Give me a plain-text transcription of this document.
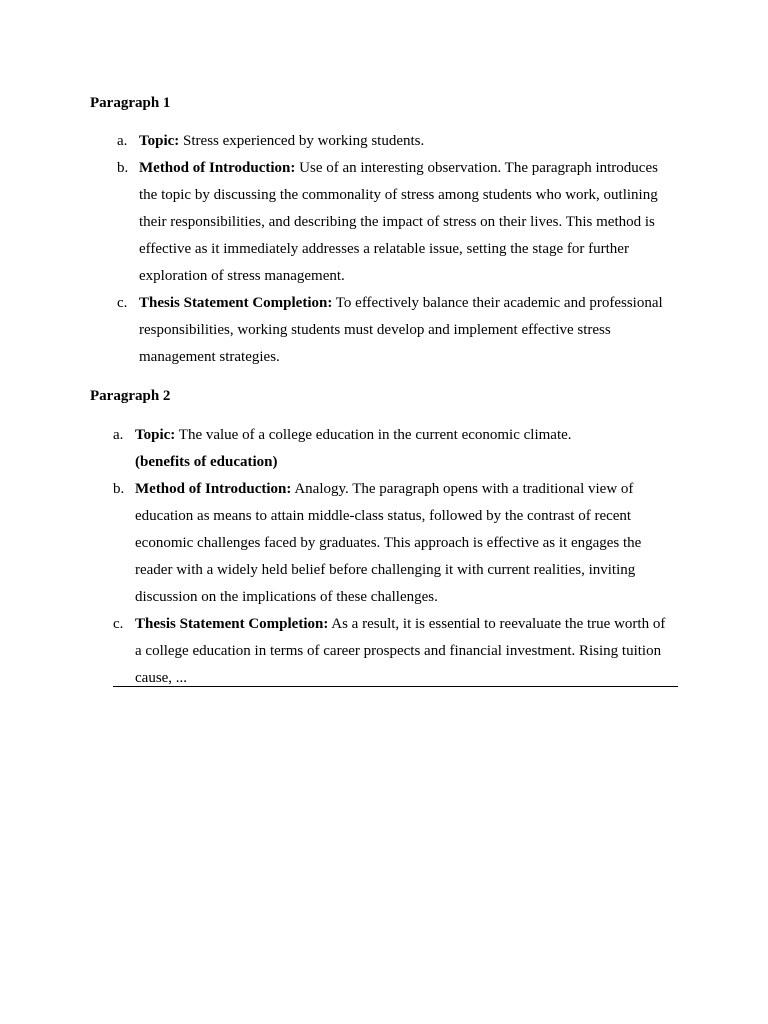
Paragraph 1
a. Topic: Stress experienced by working students.
b. Method of Introduction: Use of an interesting observation. The paragraph introduces the topic by discussing the commonality of stress among students who work, outlining their responsibilities, and describing the impact of stress on their lives. This method is effective as it immediately addresses a relatable issue, setting the stage for further exploration of stress management.
c. Thesis Statement Completion: To effectively balance their academic and professional responsibilities, working students must develop and implement effective stress management strategies.
Paragraph 2
a. Topic: The value of a college education in the current economic climate.
(benefits of education)
b. Method of Introduction: Analogy. The paragraph opens with a traditional view of education as means to attain middle-class status, followed by the contrast of recent economic challenges faced by graduates. This approach is effective as it engages the reader with a widely held belief before challenging it with current realities, inviting discussion on the implications of these challenges.
c. Thesis Statement Completion: As a result, it is essential to reevaluate the true worth of a college education in terms of career prospects and financial investment. Rising tuition cause, ...
